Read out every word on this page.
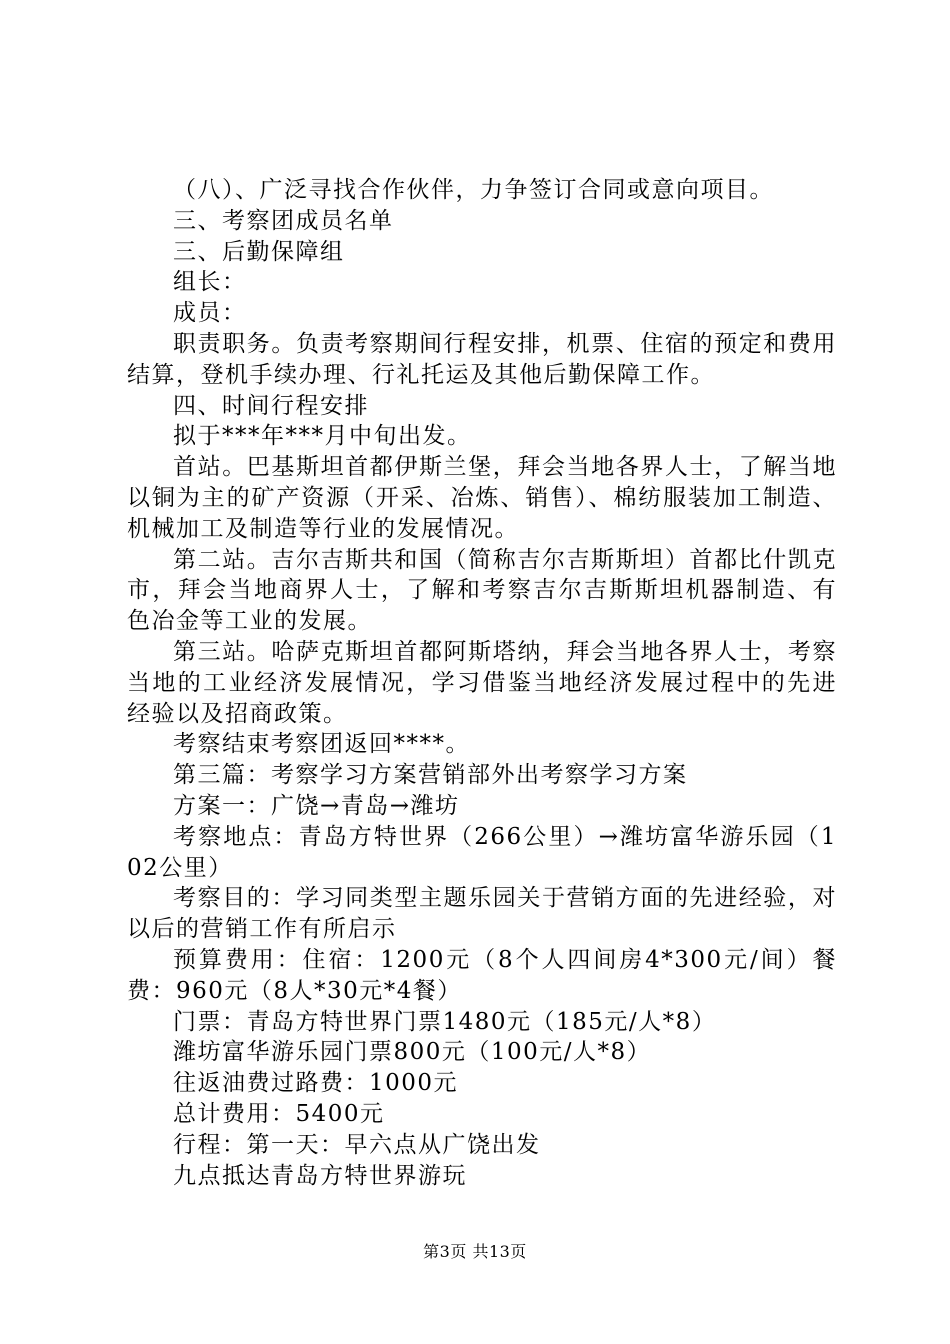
（八）、广泛寻找合作伙伴，力争签订合同或意向项目。

三、考察团成员名单

三、后勤保障组

组长：

成员：

职责职务。负责考察期间行程安排，机票、住宿的预定和费用结算，登机手续办理、行礼托运及其他后勤保障工作。

四、时间行程安排

拟于***年***月中旬出发。

首站。巴基斯坦首都伊斯兰堡，拜会当地各界人士，了解当地以铜为主的矿产资源（开采、冶炼、销售）、棉纺服装加工制造、机械加工及制造等行业的发展情况。

第二站。吉尔吉斯共和国（简称吉尔吉斯斯坦）首都比什凯克市，拜会当地商界人士，了解和考察吉尔吉斯斯坦机器制造、有色冶金等工业的发展。

第三站。哈萨克斯坦首都阿斯塔纳，拜会当地各界人士，考察当地的工业经济发展情况，学习借鉴当地经济发展过程中的先进经验以及招商政策。

考察结束考察团返回****。

第三篇：考察学习方案营销部外出考察学习方案

方案一：广饶→青岛→潍坊

考察地点：青岛方特世界（266公里）→潍坊富华游乐园（102公里）

考察目的：学习同类型主题乐园关于营销方面的先进经验，对以后的营销工作有所启示

预算费用：住宿：1200元（8个人四间房4*300元/间）餐费：960元（8人*30元*4餐）

门票：青岛方特世界门票1480元（185元/人*8）

潍坊富华游乐园门票800元（100元/人*8）

往返油费过路费：1000元

总计费用：5400元

行程：第一天：早六点从广饶出发

九点抵达青岛方特世界游玩

第3页 共13页
